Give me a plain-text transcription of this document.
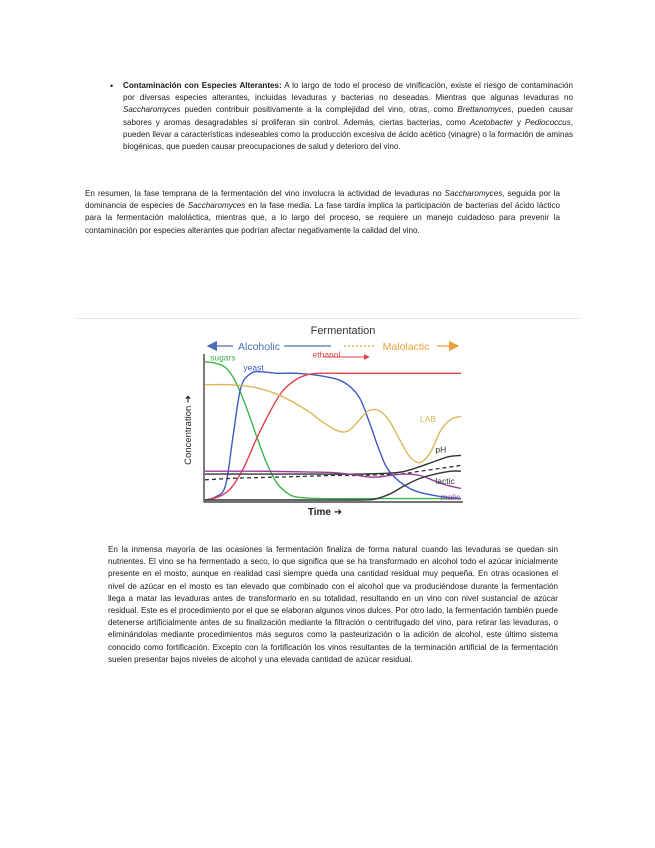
• Contaminación con Especies Alterantes: A lo largo de todo el proceso de vinificación, existe el riesgo de contaminación por diversas especies alterantes, incluidas levaduras y bacterias no deseadas. Mientras que algunas levaduras no Saccharomyces pueden contribuir positivamente a la complejidad del vino, otras, como Brettanomyces, pueden causar sabores y aromas desagradables si proliferan sin control. Además, ciertas bacterias, como Acetobacter y Pediococcus, pueden llevar a características indeseables como la producción excesiva de ácido acético (vinagre) o la formación de aminas biogénicas, que pueden causar preocupaciones de salud y deterioro del vino.
En resumen, la fase temprana de la fermentación del vino involucra la actividad de levaduras no Saccharomyces, seguida por la dominancia de especies de Saccharomyces en la fase media. La fase tardía implica la participación de bacterias del ácido láctico para la fermentación maloláctica, mientras que, a lo largo del proceso, se requiere un manejo cuidadoso para prevenir la contaminación por especies alterantes que podrían afectar negativamente la calidad del vino.
Fermentation
Alcoholic	Malolactic
Concentration ➜
Time ➜
sugars
yeast
ethanol
LAB
pH
lactic
malic

En la inmensa mayoría de las ocasiones la fermentación finaliza de forma natural cuando las levaduras se quedan sin nutrientes. El vino se ha fermentado a seco, lo que significa que se ha transformado en alcohol todo el azúcar inicialmente presente en el mosto, aunque en realidad casi siempre queda una cantidad residual muy pequeña. En otras ocasiones el nivel de azúcar en el mosto es tan elevado que combinado con el alcohol que va produciéndose durante la fermentación llega a matar las levaduras antes de transformarlo en su totalidad, resultando en un vino con nivel sustancial de azúcar residual. Este es el procedimiento por el que se elaboran algunos vinos dulces. Por otro lado, la fermentación también puede detenerse artificialmente antes de su finalización mediante la filtración o centrifugado del vino, para retirar las levaduras, o eliminándolas mediante procedimientos más seguros como la pasteurización o la adición de alcohol, este último sistema conocido como fortificación. Excepto con la fortificación los vinos resultantes de la terminación artificial de la fermentación suelen presentar bajos niveles de alcohol y una elevada cantidad de azúcar residual.
